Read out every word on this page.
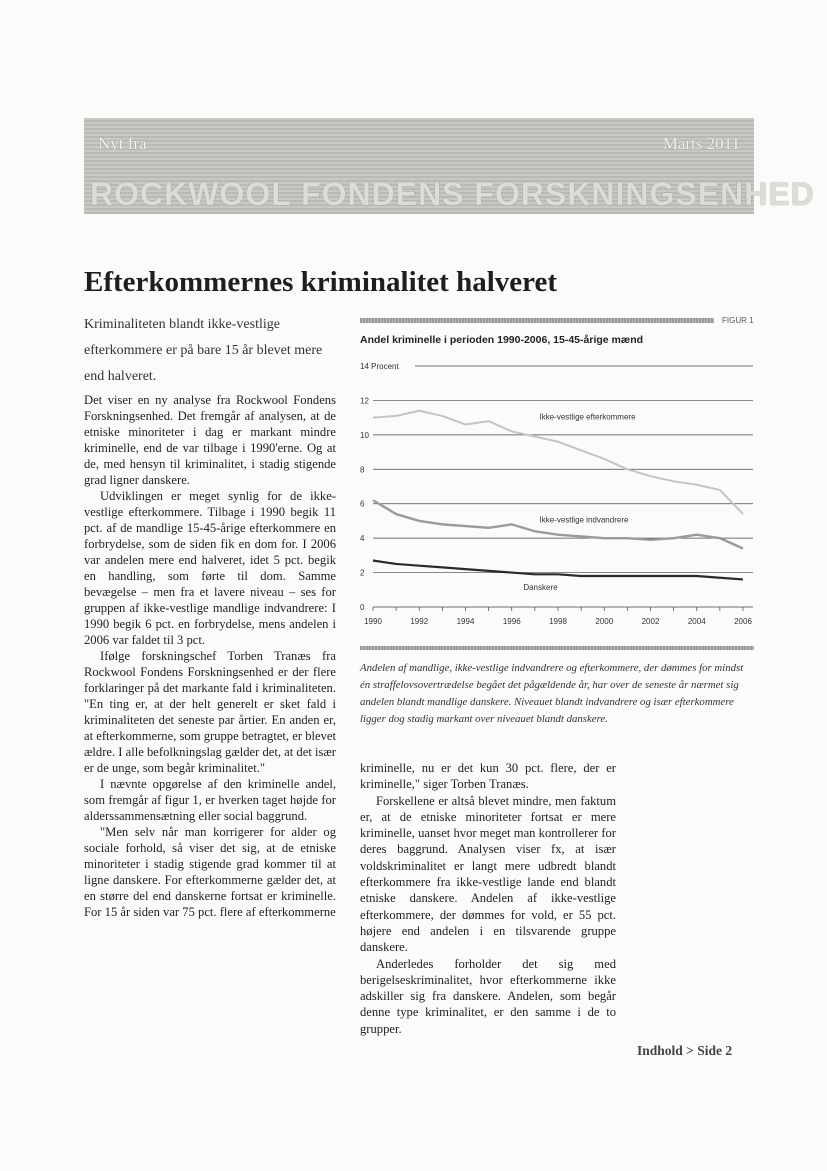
Nyt fra	Marts 2011
ROCKWOOL FONDENS FORSKNINGSENHED
Efterkommernes kriminalitet halveret
Kriminaliteten blandt ikke-vestlige efterkommere er på bare 15 år blevet mere end halveret.

Det viser en ny analyse fra Rockwool Fondens Forskningsenhed. Det fremgår af analysen, at de etniske minoriteter i dag er markant mindre kriminelle, end de var tilbage i 1990'erne. Og at de, med hensyn til kriminalitet, i stadig stigende grad ligner danskere.

Udviklingen er meget synlig for de ikke-vestlige efterkommere. Tilbage i 1990 begik 11 pct. af de mandlige 15-45-årige efterkommere en forbrydelse, som de siden fik en dom for. I 2006 var andelen mere end halveret, idet 5 pct. begik en handling, som førte til dom. Samme bevægelse – men fra et lavere niveau – ses for gruppen af ikke-vestlige mandlige indvandrere: I 1990 begik 6 pct. en forbrydelse, mens andelen i 2006 var faldet til 3 pct.

Ifølge forskningschef Torben Tranæs fra Rockwool Fondens Forskningsenhed er der flere forklaringer på det markante fald i kriminaliteten. "En ting er, at der helt generelt er sket fald i kriminaliteten det seneste par årtier. En anden er, at efterkommerne, som gruppe betragtet, er blevet ældre. I alle befolkningslag gælder det, at det især er de unge, som begår kriminalitet."

I nævnte opgørelse af den kriminelle andel, som fremgår af figur 1, er hverken taget højde for alderssammensætning eller social baggrund.

"Men selv når man korrigerer for alder og sociale forhold, så viser det sig, at de etniske minoriteter i stadig stigende grad kommer til at ligne danskere. For efterkommerne gælder det, at en større del end danskerne fortsat er kriminelle. For 15 år siden var 75 pct. flere af efterkommerne

FIGUR 1
Andel kriminelle i perioden 1990-2006, 15-45-årige mænd
14 Procent
0
2
4
6
8
10
12
1990	1992	1994	1996	1998	2000	2002	2004	2006
Ikke-vestlige efterkommere
Ikke-vestlige indvandrere
Danskere
Andelen af mandlige, ikke-vestlige indvandrere og efterkommere, der dømmes for mindst én straffelovsovertrædelse begået det pågældende år, har over de seneste år nærmet sig andelen blandt mandlige danskere. Niveauet blandt indvandrere og især efterkommere ligger dog stadig markant over niveauet blandt danskere.

kriminelle, nu er det kun 30 pct. flere, der er kriminelle," siger Torben Tranæs.

Forskellene er altså blevet mindre, men faktum er, at de etniske minoriteter fortsat er mere kriminelle, uanset hvor meget man kontrollerer for deres baggrund. Analysen viser fx, at især voldskriminalitet er langt mere udbredt blandt efterkommere fra ikke-vestlige lande end blandt etniske danskere. Andelen af ikke-vestlige efterkommere, der dømmes for vold, er 55 pct. højere end andelen i en tilsvarende gruppe danskere.

Anderledes forholder det sig med berigelseskriminalitet, hvor efterkommerne ikke adskiller sig fra danskere. Andelen, som begår denne type kriminalitet, er den samme i de to grupper.

Indhold > Side 2
